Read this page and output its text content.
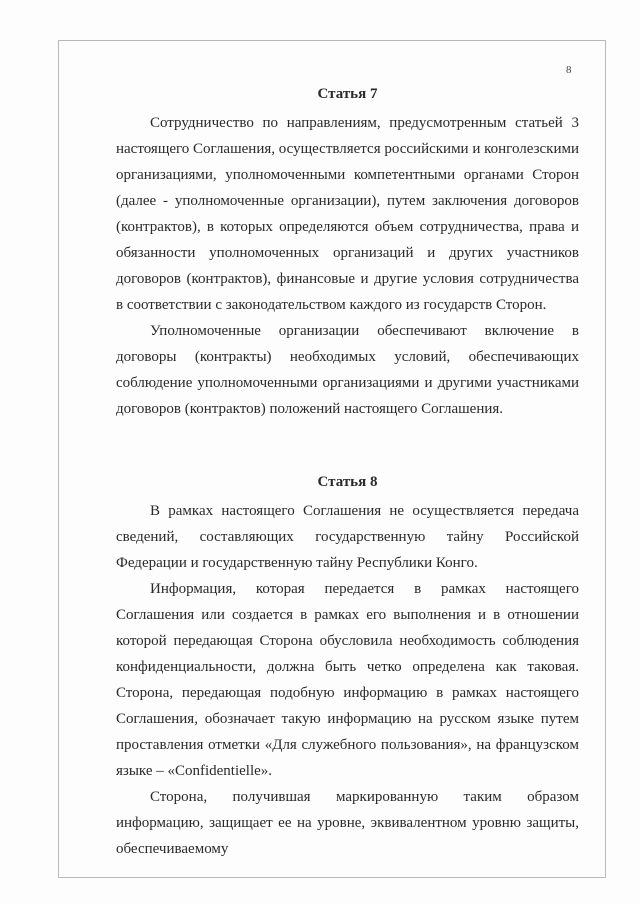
8
Статья 7

Сотрудничество по направлениям, предусмотренным статьей 3 настоящего Соглашения, осуществляется российскими и конголезскими организациями, уполномоченными компетентными органами Сторон (далее - уполномоченные организации), путем заключения договоров (контрактов), в которых определяются объем сотрудничества, права и обязанности уполномоченных организаций и других участников договоров (контрактов), финансовые и другие условия сотрудничества в соответствии с законодательством каждого из государств Сторон.

Уполномоченные организации обеспечивают включение в договоры (контракты) необходимых условий, обеспечивающих соблюдение уполномоченными организациями и другими участниками договоров (контрактов) положений настоящего Соглашения.

Статья 8

В рамках настоящего Соглашения не осуществляется передача сведений, составляющих государственную тайну Российской Федерации и государственную тайну Республики Конго.

Информация, которая передается в рамках настоящего Соглашения или создается в рамках его выполнения и в отношении которой передающая Сторона обусловила необходимость соблюдения конфиденциальности, должна быть четко определена как таковая. Сторона, передающая подобную информацию в рамках настоящего Соглашения, обозначает такую информацию на русском языке путем проставления отметки «Для служебного пользования», на французском языке – «Confidentielle».

Сторона, получившая маркированную таким образом информацию, защищает ее на уровне, эквивалентном уровню защиты, обеспечиваемому
